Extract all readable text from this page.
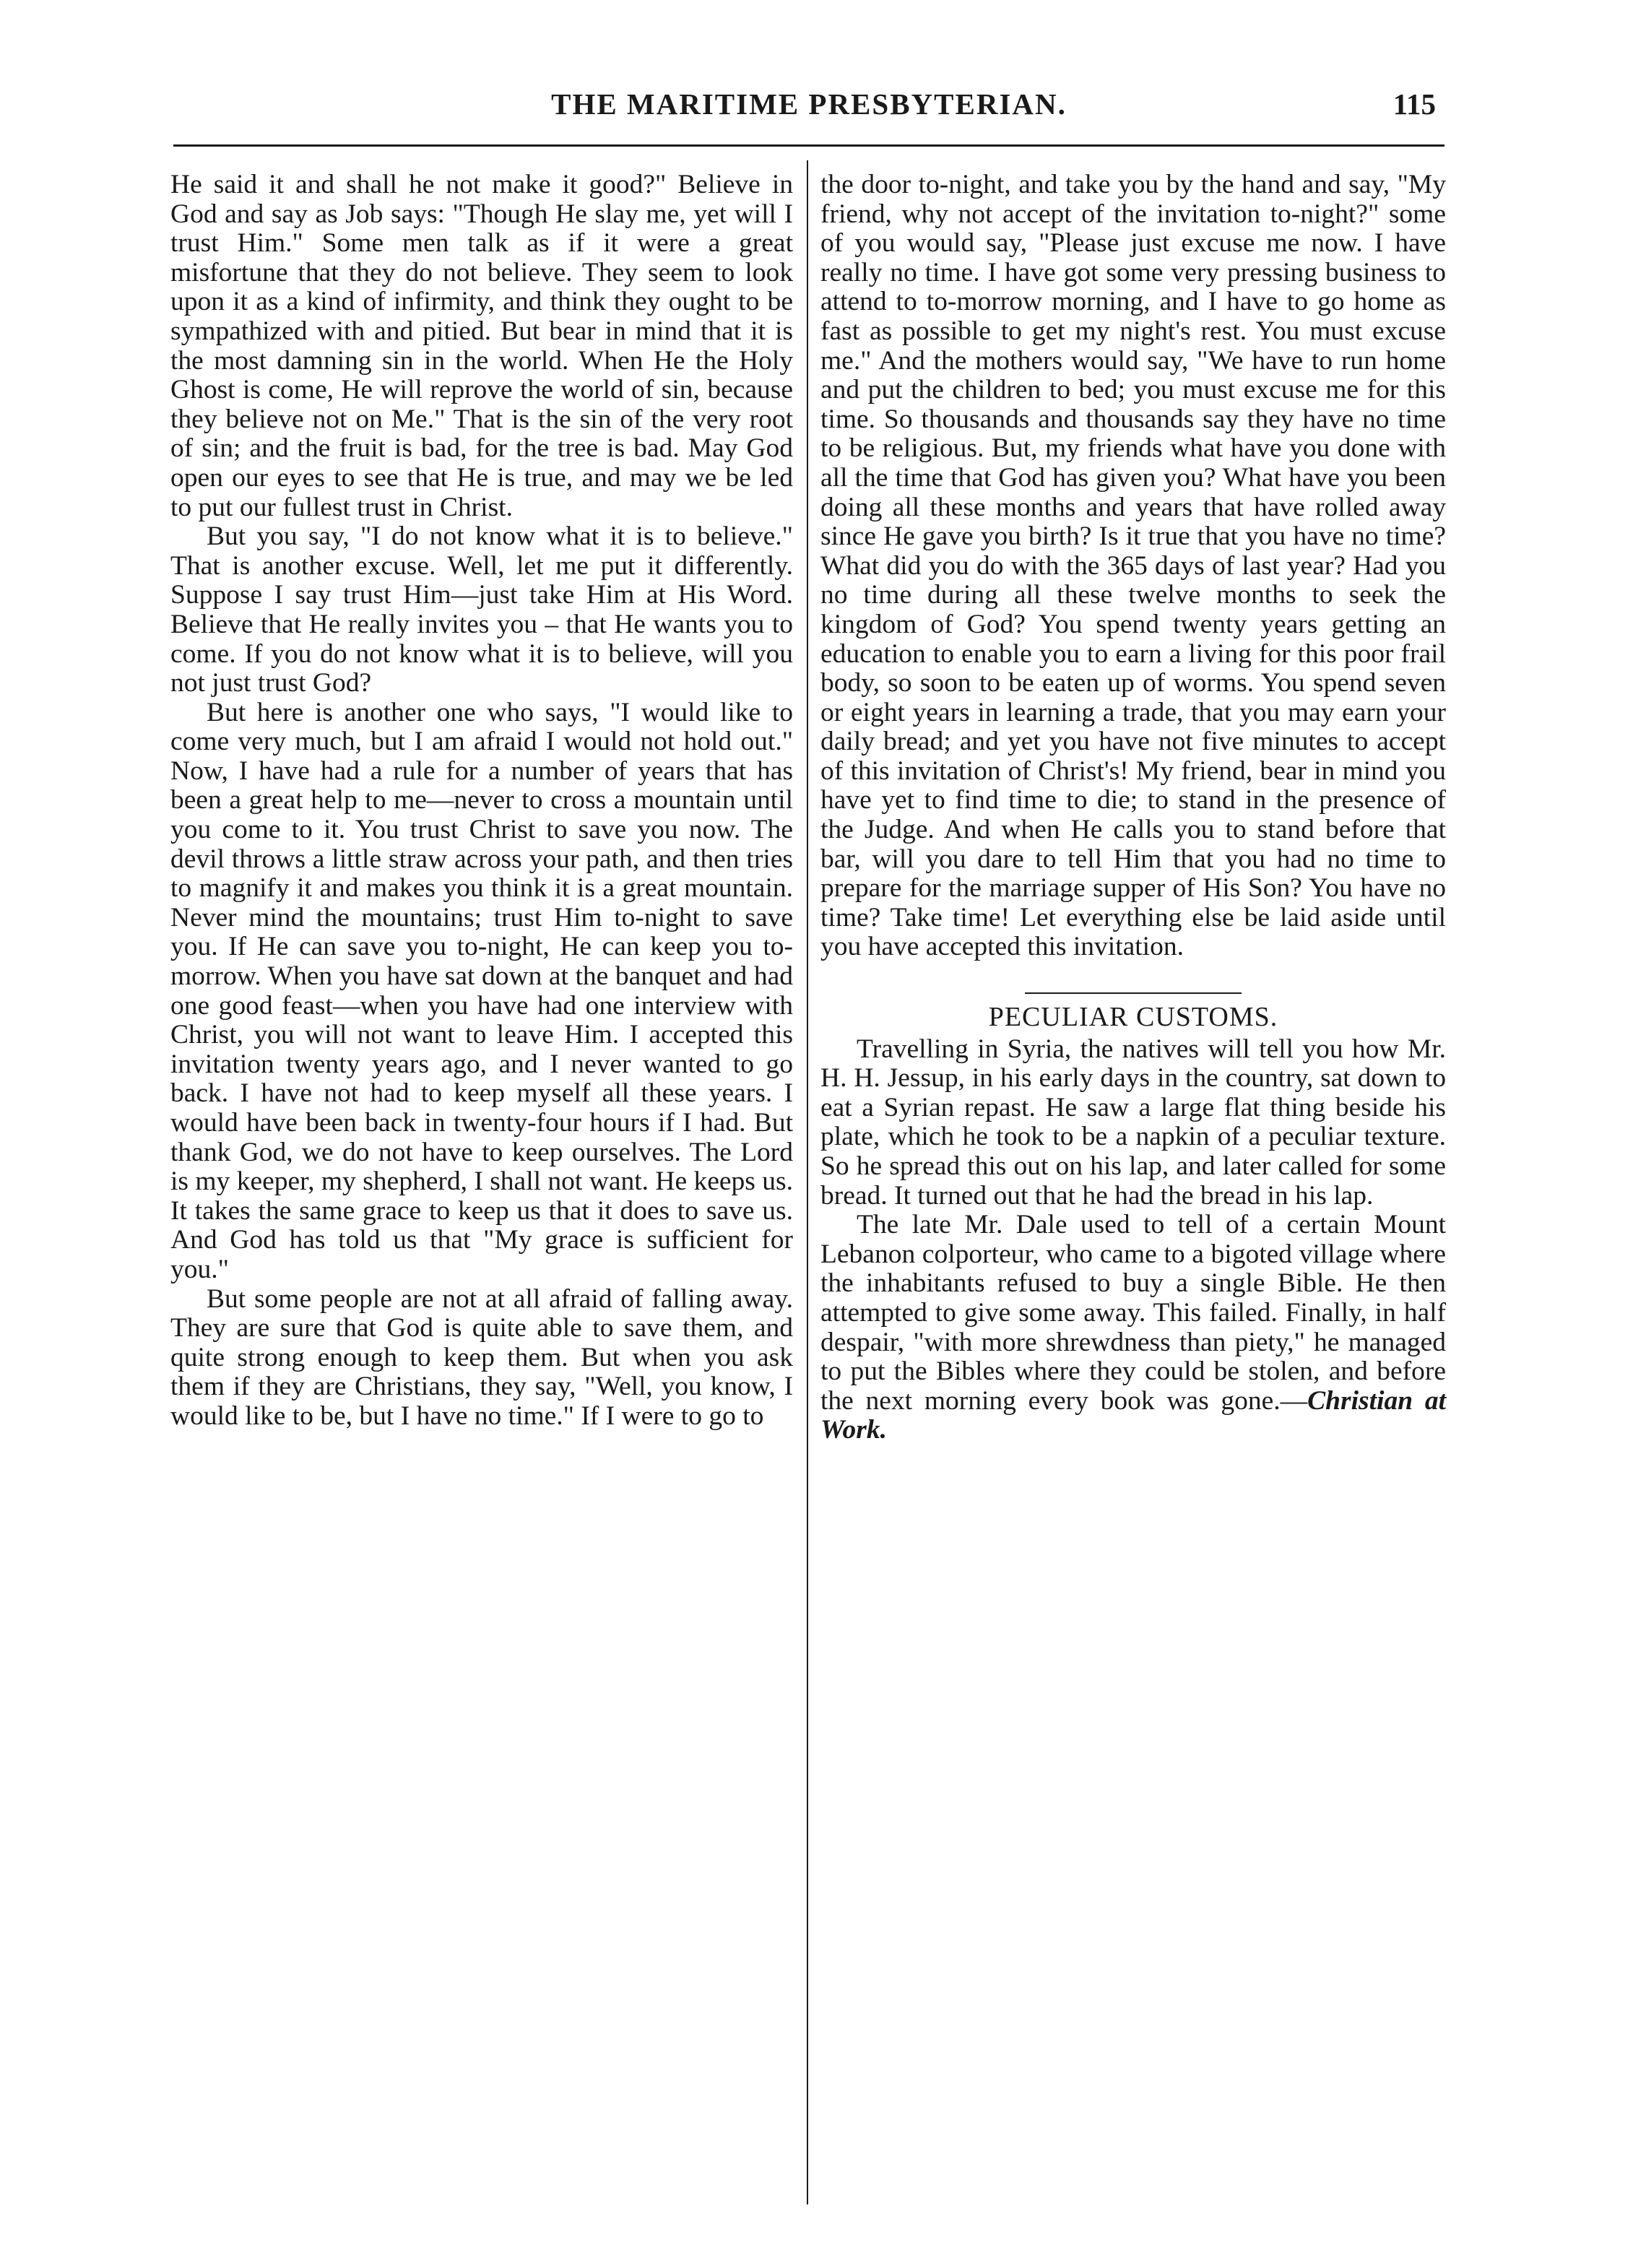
THE MARITIME PRESBYTERIAN.	115

He said it and shall he not make it good?" Believe in God and say as Job says: "Though He slay me, yet will I trust Him." Some men talk as if it were a great misfortune that they do not believe. They seem to look upon it as a kind of infirmity, and think they ought to be sympathized with and pitied. But bear in mind that it is the most damning sin in the world. When He the Holy Ghost is come, He will reprove the world of sin, because they believe not on Me." That is the sin of the very root of sin; and the fruit is bad, for the tree is bad. May God open our eyes to see that He is true, and may we be led to put our fullest trust in Christ.

But you say, "I do not know what it is to believe." That is another excuse. Well, let me put it differently. Suppose I say trust Him—just take Him at His Word. Believe that He really invites you – that He wants you to come. If you do not know what it is to believe, will you not just trust God?

But here is another one who says, "I would like to come very much, but I am afraid I would not hold out." Now, I have had a rule for a number of years that has been a great help to me—never to cross a mountain until you come to it. You trust Christ to save you now. The devil throws a little straw across your path, and then tries to magnify it and makes you think it is a great mountain. Never mind the mountains; trust Him to-night to save you. If He can save you to-night, He can keep you to-morrow. When you have sat down at the banquet and had one good feast—when you have had one interview with Christ, you will not want to leave Him. I accepted this invitation twenty years ago, and I never wanted to go back. I have not had to keep myself all these years. I would have been back in twenty-four hours if I had. But thank God, we do not have to keep ourselves. The Lord is my keeper, my shepherd, I shall not want. He keeps us. It takes the same grace to keep us that it does to save us. And God has told us that "My grace is sufficient for you."

But some people are not at all afraid of falling away. They are sure that God is quite able to save them, and quite strong enough to keep them. But when you ask them if they are Christians, they say, "Well, you know, I would like to be, but I have no time." If I were to go to

the door to-night, and take you by the hand and say, "My friend, why not accept of the invitation to-night?" some of you would say, "Please just excuse me now. I have really no time. I have got some very pressing business to attend to to-morrow morning, and I have to go home as fast as possible to get my night's rest. You must excuse me." And the mothers would say, "We have to run home and put the children to bed; you must excuse me for this time. So thousands and thousands say they have no time to be religious. But, my friends what have you done with all the time that God has given you? What have you been doing all these months and years that have rolled away since He gave you birth? Is it true that you have no time? What did you do with the 365 days of last year? Had you no time during all these twelve months to seek the kingdom of God? You spend twenty years getting an education to enable you to earn a living for this poor frail body, so soon to be eaten up of worms. You spend seven or eight years in learning a trade, that you may earn your daily bread; and yet you have not five minutes to accept of this invitation of Christ's! My friend, bear in mind you have yet to find time to die; to stand in the presence of the Judge. And when He calls you to stand before that bar, will you dare to tell Him that you had no time to prepare for the marriage supper of His Son? You have no time? Take time! Let everything else be laid aside until you have accepted this invitation.

PECULIAR CUSTOMS.

Travelling in Syria, the natives will tell you how Mr. H. H. Jessup, in his early days in the country, sat down to eat a Syrian repast. He saw a large flat thing beside his plate, which he took to be a napkin of a peculiar texture. So he spread this out on his lap, and later called for some bread. It turned out that he had the bread in his lap.

The late Mr. Dale used to tell of a certain Mount Lebanon colporteur, who came to a bigoted village where the inhabitants refused to buy a single Bible. He then attempted to give some away. This failed. Finally, in half despair, "with more shrewdness than piety," he managed to put the Bibles where they could be stolen, and before the next morning every book was gone.—Christian at Work.
